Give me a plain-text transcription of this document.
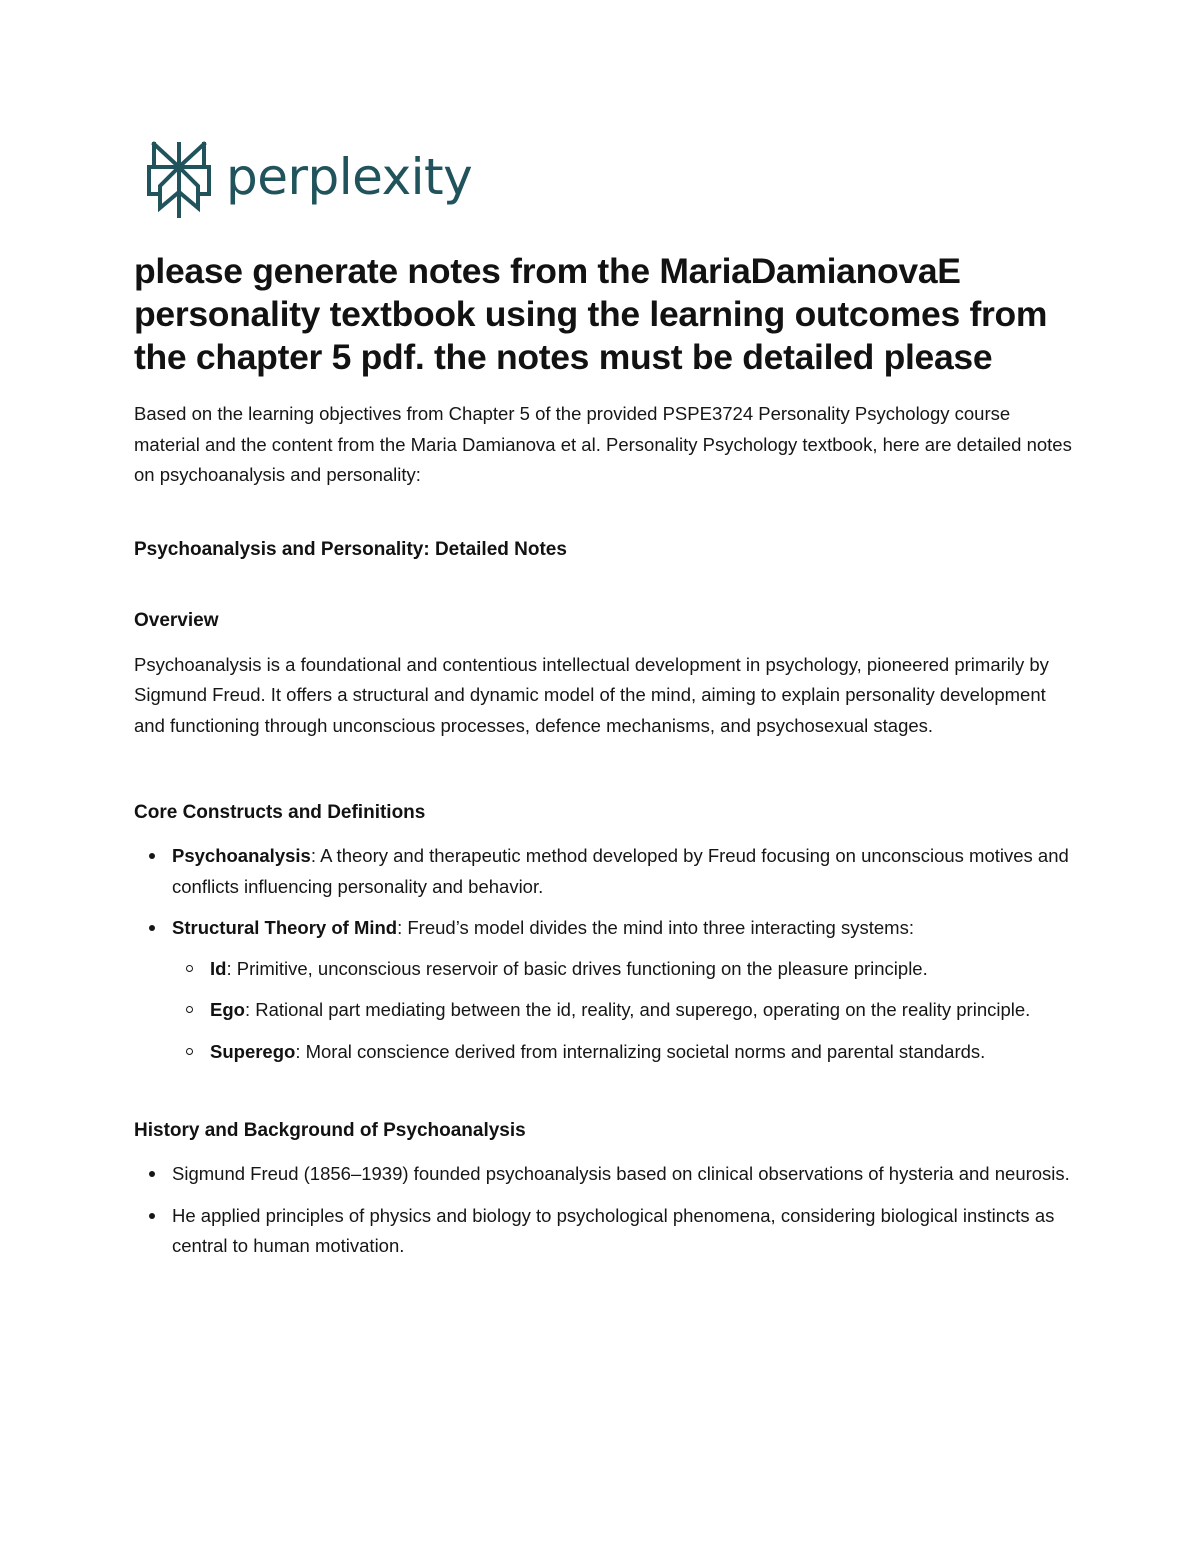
perplexity
please generate notes from the MariaDamianovaE personality textbook using the learning outcomes from the chapter 5 pdf. the notes must be detailed please

Based on the learning objectives from Chapter 5 of the provided PSPE3724 Personality Psychology course material and the content from the Maria Damianova et al. Personality Psychology textbook, here are detailed notes on psychoanalysis and personality:

Psychoanalysis and Personality: Detailed Notes
Overview

Psychoanalysis is a foundational and contentious intellectual development in psychology, pioneered primarily by Sigmund Freud. It offers a structural and dynamic model of the mind, aiming to explain personality development and functioning through unconscious processes, defence mechanisms, and psychosexual stages.

Core Constructs and Definitions
Psychoanalysis: A theory and therapeutic method developed by Freud focusing on unconscious motives and conflicts influencing personality and behavior.
Structural Theory of Mind: Freud’s model divides the mind into three interacting systems:
Id: Primitive, unconscious reservoir of basic drives functioning on the pleasure principle.
Ego: Rational part mediating between the id, reality, and superego, operating on the reality principle.
Superego: Moral conscience derived from internalizing societal norms and parental standards.
History and Background of Psychoanalysis
Sigmund Freud (1856–1939) founded psychoanalysis based on clinical observations of hysteria and neurosis.
He applied principles of physics and biology to psychological phenomena, considering biological instincts as central to human motivation.
